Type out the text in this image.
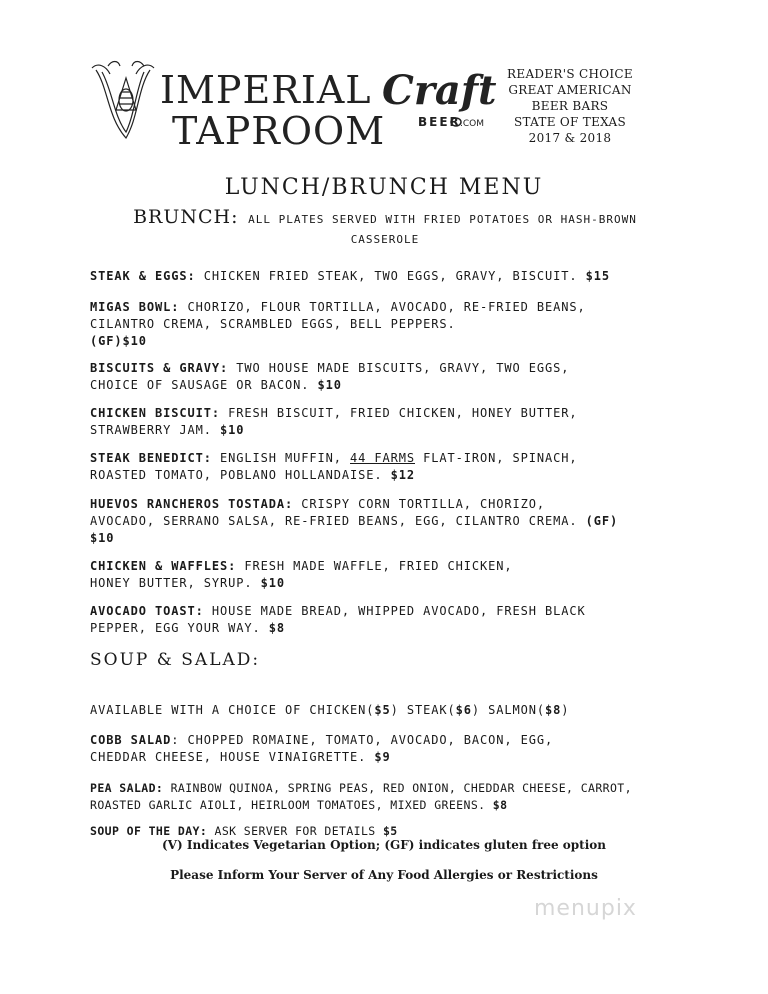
IMPERIAL
TAPROOM
Craft
BEER .COM
READER'S CHOICE
GREAT AMERICAN
BEER BARS
STATE OF TEXAS
2017 & 2018
LUNCH/BRUNCH MENU
BRUNCH: ALL PLATES SERVED WITH FRIED POTATOES OR HASH-BROWN
CASSEROLE

STEAK & EGGS: CHICKEN FRIED STEAK, TWO EGGS, GRAVY, BISCUIT. $15

MIGAS BOWL: CHORIZO, FLOUR TORTILLA, AVOCADO, RE-FRIED BEANS,
CILANTRO CREMA, SCRAMBLED EGGS, BELL PEPPERS.
(GF)$10

BISCUITS & GRAVY: TWO HOUSE MADE BISCUITS, GRAVY, TWO EGGS,
CHOICE OF SAUSAGE OR BACON. $10

CHICKEN BISCUIT: FRESH BISCUIT, FRIED CHICKEN, HONEY BUTTER,
STRAWBERRY JAM. $10

STEAK BENEDICT: ENGLISH MUFFIN, 44 FARMS FLAT-IRON, SPINACH,
ROASTED TOMATO, POBLANO HOLLANDAISE. $12

HUEVOS RANCHEROS TOSTADA: CRISPY CORN TORTILLA, CHORIZO,
AVOCADO, SERRANO SALSA, RE-FRIED BEANS, EGG, CILANTRO CREMA. (GF)
$10

CHICKEN & WAFFLES: FRESH MADE WAFFLE, FRIED CHICKEN,
HONEY BUTTER, SYRUP. $10

AVOCADO TOAST: HOUSE MADE BREAD, WHIPPED AVOCADO, FRESH BLACK
PEPPER, EGG YOUR WAY. $8

SOUP & SALAD:

AVAILABLE WITH A CHOICE OF CHICKEN($5) STEAK($6) SALMON($8)

COBB SALAD: CHOPPED ROMAINE, TOMATO, AVOCADO, BACON, EGG,
CHEDDAR CHEESE, HOUSE VINAIGRETTE. $9

PEA SALAD: RAINBOW QUINOA, SPRING PEAS, RED ONION, CHEDDAR CHEESE, CARROT,
ROASTED GARLIC AIOLI, HEIRLOOM TOMATOES, MIXED GREENS. $8

SOUP OF THE DAY: ASK SERVER FOR DETAILS $5

(V) Indicates Vegetarian Option; (GF) indicates gluten free option
Please Inform Your Server of Any Food Allergies or Restrictions
menupix
